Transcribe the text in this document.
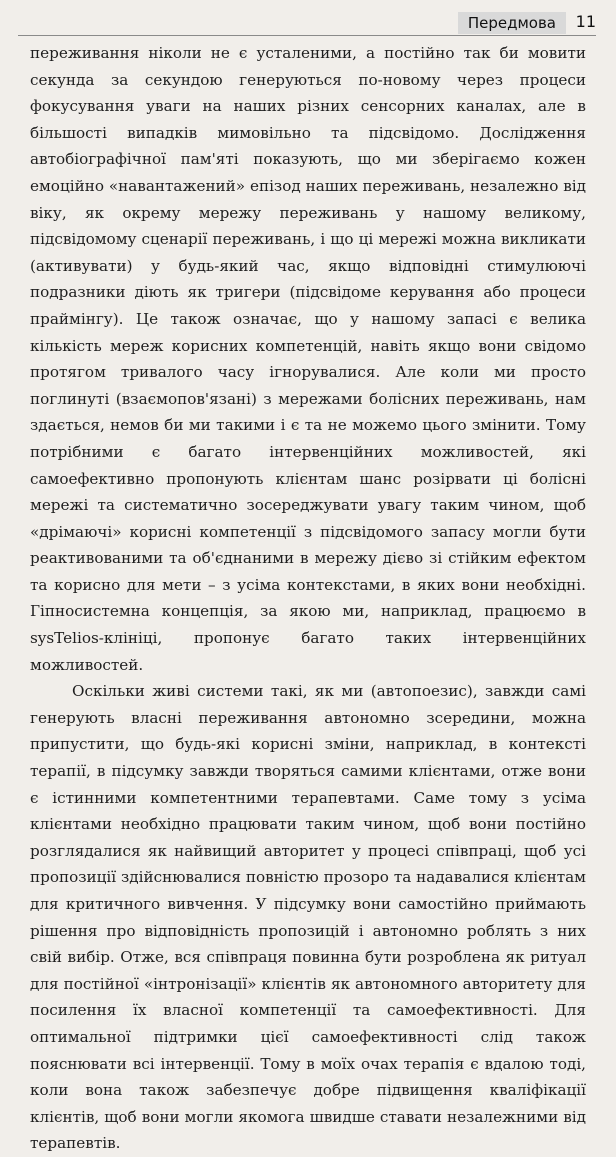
Передмова	11

переживання ніколи не є усталеними, а постійно так би мовити секунда за секундою генеруються по-новому через процеси фокусування уваги на наших різних сенсорних каналах, але в більшості випадків мимовільно та підсвідомо. Дослідження автобіографічної пам'яті показують, що ми зберігаємо кожен емоційно «навантажений» епізод наших переживань, незалежно від віку, як окрему мережу переживань у нашому великому, підсвідомому сценарії переживань, і що ці мережі можна викликати (активувати) у будь-який час, якщо відповідні стимулюючі подразники діють як тригери (підсвідоме керування або процеси праймінгу). Це також означає, що у нашому запасі є велика кількість мереж корисних компетенцій, навіть якщо вони свідомо протягом тривалого часу ігнорувалися. Але коли ми просто поглинуті (взаємопов'язані) з мережами болісних переживань, нам здається, немов би ми такими і є та не можемо цього змінити. Тому потрібними є багато інтервенційних можливостей, які самоефективно пропонують клієнтам шанс розірвати ці болісні мережі та систематично зосереджувати увагу таким чином, щоб «дрімаючі» корисні компетенції з підсвідомого запасу могли бути реактивованими та об'єднаними в мережу дієво зі стійким ефектом та корисно для мети – з усіма контекстами, в яких вони необхідні. Гіпносистемна концепція, за якою ми, наприклад, працюємо в sysTelios-клініці, пропонує багато таких інтервенційних можливостей.

Оскільки живі системи такі, як ми (автопоезис), завжди самі генерують власні переживання автономно зсередини, можна припустити, що будь-які корисні зміни, наприклад, в контексті терапії, в підсумку завжди творяться самими клієнтами, отже вони є істинними компетентними терапевтами. Саме тому з усіма клієнтами необхідно працювати таким чином, щоб вони постійно розглядалися як найвищий авторитет у процесі співпраці, щоб усі пропозиції здійснювалися повністю прозоро та надавалися клієнтам для критичного вивчення. У підсумку вони самостійно приймають рішення про відповідність пропозицій і автономно роблять з них свій вибір. Отже, вся співпраця повинна бути розроблена як ритуал для постійної «інтронізації» клієнтів як автономного авторитету для посилення їх власної компетенції та самоефективності. Для оптимальної підтримки цієї самоефективності слід також пояснювати всі інтервенції. Тому в моїх очах терапія є вдалою тоді, коли вона також забезпечує добре підвищення кваліфікації клієнтів, щоб вони могли якомога швидше ставати незалежними від терапевтів.
